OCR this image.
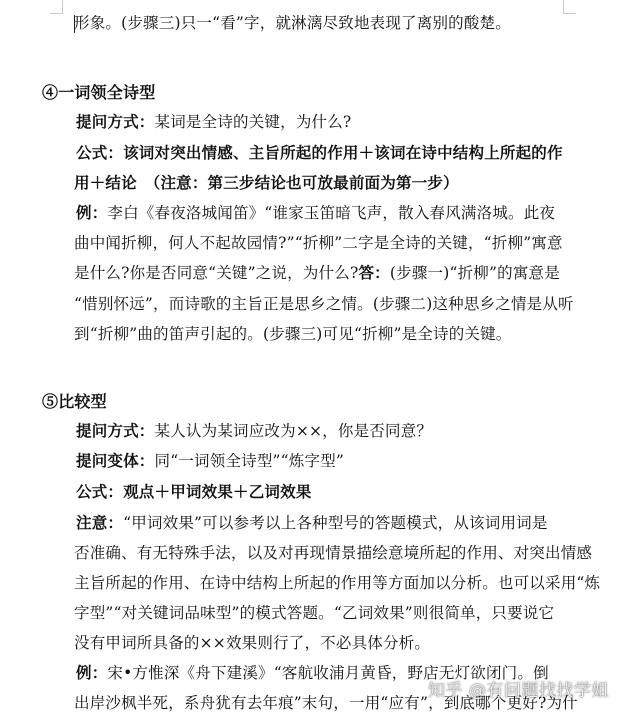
形象。(步骤三)只一“看”字，就淋漓尽致地表现了离别的酸楚。
④一词领全诗型
提问方式：某词是全诗的关键，为什么?
公式：该词对突出情感、主旨所起的作用＋该词在诗中结构上所起的作
用＋结论　（注意：第三步结论也可放最前面为第一步）
例：李白《春夜洛城闻笛》“谁家玉笛暗飞声，散入春风满洛城。此夜
曲中闻折柳，何人不起故园情?”“折柳”二字是全诗的关键，“折柳”寓意
是什么?你是否同意“关键”之说，为什么?答：(步骤一)“折柳”的寓意是
“惜别怀远”，而诗歌的主旨正是思乡之情。(步骤二)这种思乡之情是从听
到“折柳”曲的笛声引起的。(步骤三)可见“折柳”是全诗的关键。
⑤比较型
提问方式：某人认为某词应改为××，你是否同意？
提问变体：同“一词领全诗型”“炼字型”
公式：观点＋甲词效果＋乙词效果
注意：“甲词效果”可以参考以上各种型号的答题模式，从该词用词是
否准确、有无特殊手法，以及对再现情景描绘意境所起的作用、对突出情感
主旨所起的作用、在诗中结构上所起的作用等方面加以分析。也可以采用“炼
字型”“对关键词品味型”的模式答题。“乙词效果”则很简单，只要说它
没有甲词所具备的××效果则行了，不必具体分析。
例：宋•方惟深《舟下建溪》“客航收浦月黄昏，野店无灯欲闭门。倒
出岸沙枫半死，系舟犹有去年痕”末句，一用“应有”，到底哪个更好?为什
知乎 @有问题找找学姐
